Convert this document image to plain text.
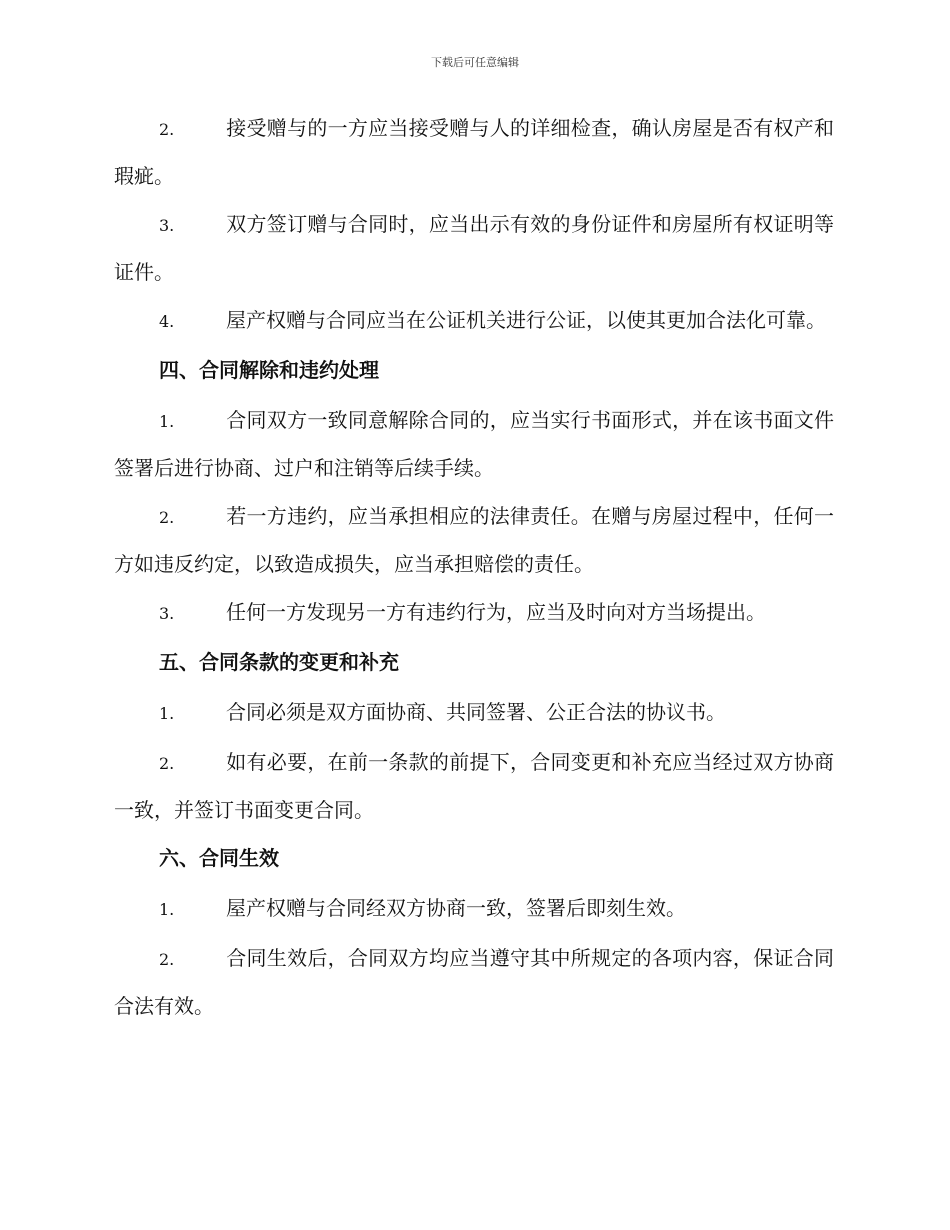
下载后可任意编辑

2.	接受赠与的一方应当接受赠与人的详细检查，确认房屋是否有权产和瑕疵。

3.	双方签订赠与合同时，应当出示有效的身份证件和房屋所有权证明等证件。

4.	屋产权赠与合同应当在公证机关进行公证，以使其更加合法化可靠。

四、合同解除和违约处理

1.	合同双方一致同意解除合同的，应当实行书面形式，并在该书面文件签署后进行协商、过户和注销等后续手续。

2.	若一方违约，应当承担相应的法律责任。在赠与房屋过程中，任何一方如违反约定，以致造成损失，应当承担赔偿的责任。

3.	任何一方发现另一方有违约行为，应当及时向对方当场提出。

五、合同条款的变更和补充

1.	合同必须是双方面协商、共同签署、公正合法的协议书。

2.	如有必要，在前一条款的前提下，合同变更和补充应当经过双方协商一致，并签订书面变更合同。

六、合同生效

1.	屋产权赠与合同经双方协商一致，签署后即刻生效。

2.	合同生效后，合同双方均应当遵守其中所规定的各项内容，保证合同合法有效。
